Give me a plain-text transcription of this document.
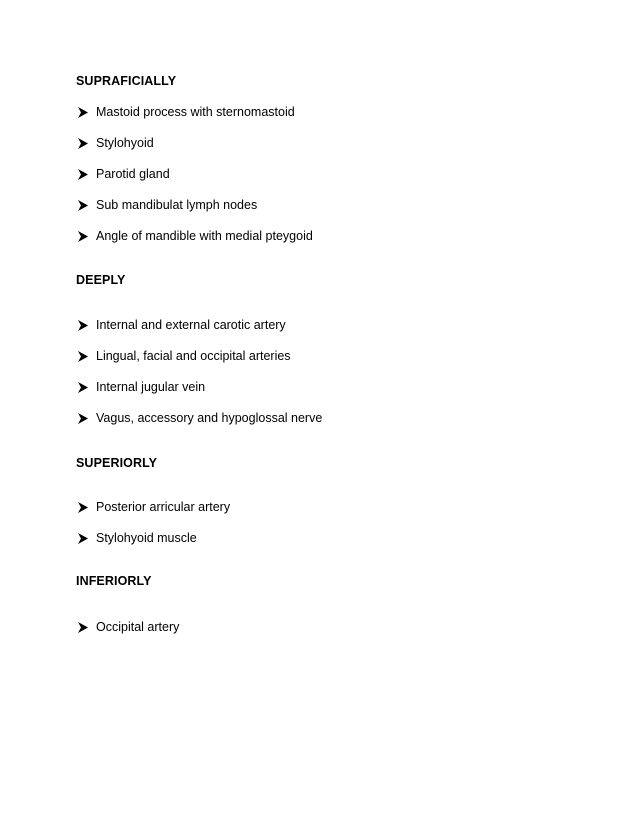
SUPRAFICIALLY
Mastoid process with sternomastoid
Stylohyoid
Parotid gland
Sub mandibulat lymph nodes
Angle of mandible with medial pteygoid
DEEPLY
Internal and external carotic artery
Lingual, facial and occipital arteries
Internal jugular vein
Vagus, accessory and hypoglossal nerve
SUPERIORLY
Posterior arricular artery
Stylohyoid muscle
INFERIORLY
Occipital artery
